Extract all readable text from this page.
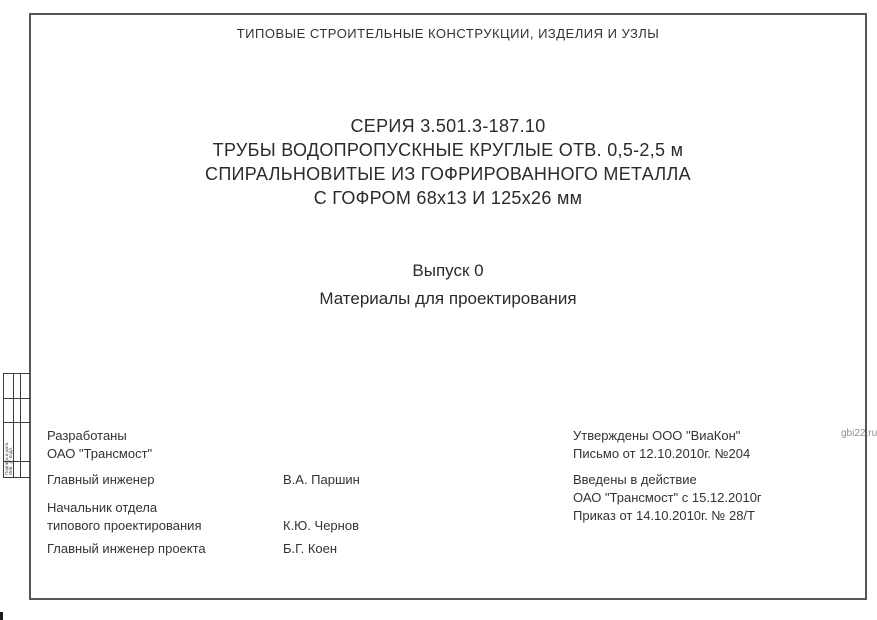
ТИПОВЫЕ СТРОИТЕЛЬНЫЕ КОНСТРУКЦИИ, ИЗДЕЛИЯ И УЗЛЫ
СЕРИЯ 3.501.3-187.10
ТРУБЫ ВОДОПРОПУСКНЫЕ КРУГЛЫЕ ОТВ. 0,5-2,5 м
СПИРАЛЬНОВИТЫЕ ИЗ ГОФРИРОВАННОГО МЕТАЛЛА
С ГОФРОМ 68х13 И 125х26 мм
Выпуск 0
Материалы для проектирования
Разработаны
ОАО "Трансмост"
Главный инженер	В.А. Паршин
Начальник отдела
типового проектирования	К.Ю. Чернов
Главный инженер проекта	Б.Г. Коен
Утверждены ООО "ВиаКон"
Письмо от 12.10.2010г. №204
Введены в действие
ОАО "Трансмост" с 15.12.2010г
Приказ от 14.10.2010г. № 28/Т
gbi22.ru
Подпись и дата Инв. № подл.
